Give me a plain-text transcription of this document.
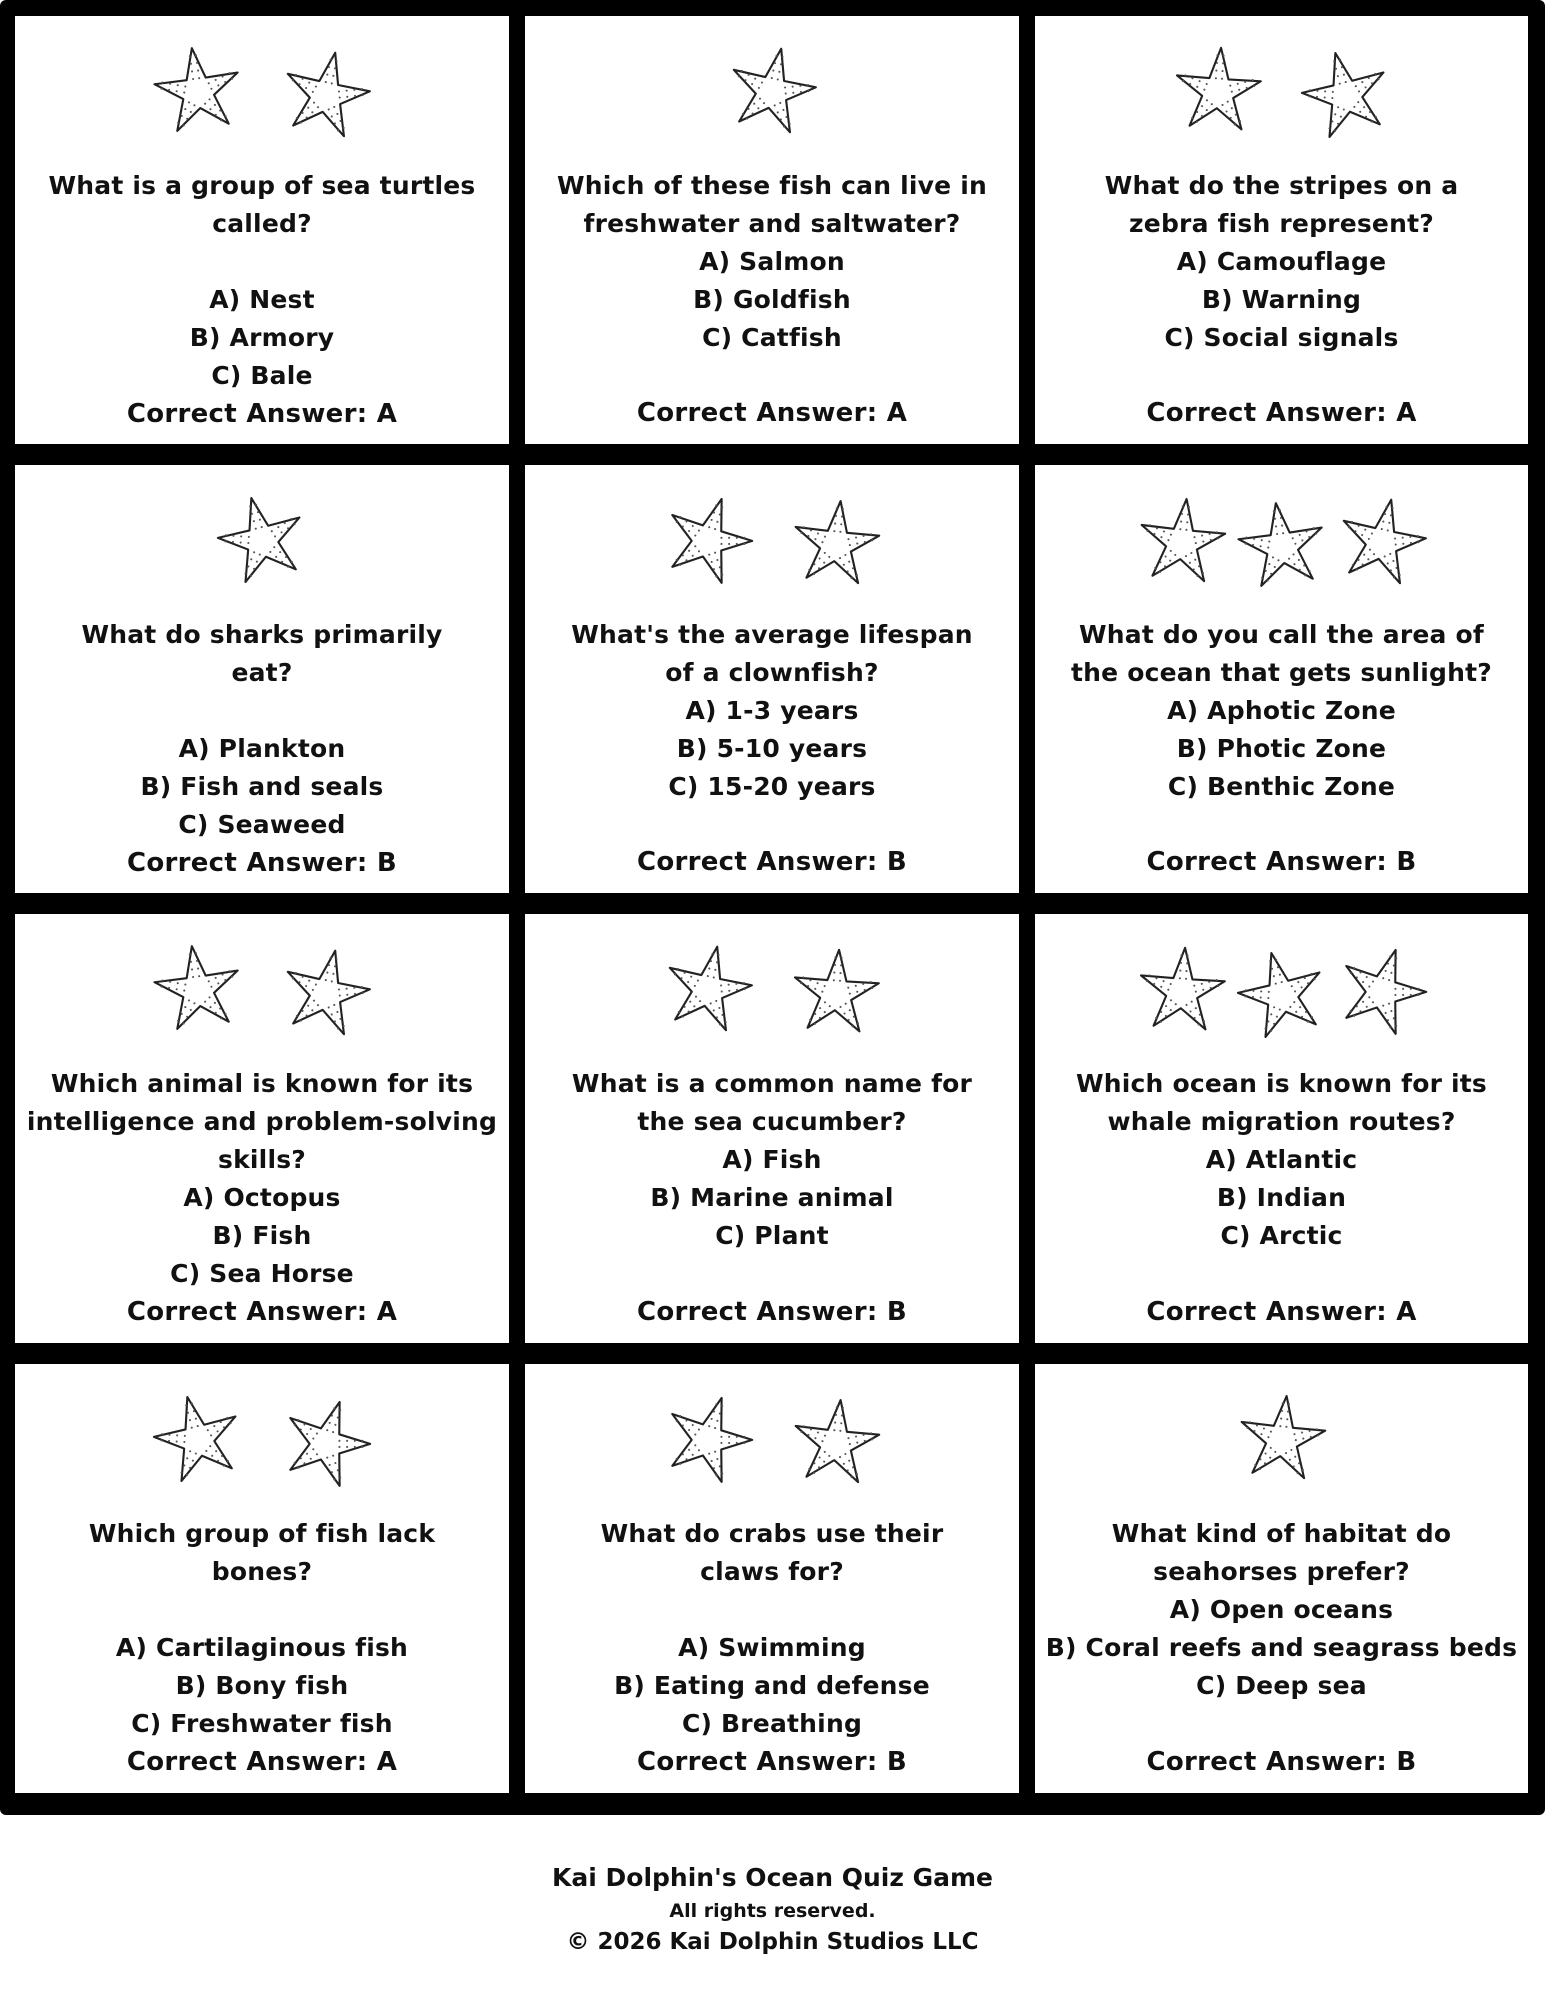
What is a group of sea turtles called?
A) Nest
B) Armory
C) Bale
Correct Answer: A
Which of these fish can live in freshwater and saltwater?
A) Salmon
B) Goldfish
C) Catfish
Correct Answer: A
What do the stripes on a zebra fish represent?
A) Camouflage
B) Warning
C) Social signals
Correct Answer: A
What do sharks primarily eat?
A) Plankton
B) Fish and seals
C) Seaweed
Correct Answer: B
What's the average lifespan of a clownfish?
A) 1-3 years
B) 5-10 years
C) 15-20 years
Correct Answer: B
What do you call the area of the ocean that gets sunlight?
A) Aphotic Zone
B) Photic Zone
C) Benthic Zone
Correct Answer: B
Which animal is known for its intelligence and problem-solving skills?
A) Octopus
B) Fish
C) Sea Horse
Correct Answer: A
What is a common name for the sea cucumber?
A) Fish
B) Marine animal
C) Plant
Correct Answer: B
Which ocean is known for its whale migration routes?
A) Atlantic
B) Indian
C) Arctic
Correct Answer: A
Which group of fish lack bones?
A) Cartilaginous fish
B) Bony fish
C) Freshwater fish
Correct Answer: A
What do crabs use their claws for?
A) Swimming
B) Eating and defense
C) Breathing
Correct Answer: B
What kind of habitat do seahorses prefer?
A) Open oceans
B) Coral reefs and seagrass beds
C) Deep sea
Correct Answer: B
Kai Dolphin's Ocean Quiz Game
All rights reserved.
© 2026 Kai Dolphin Studios LLC
